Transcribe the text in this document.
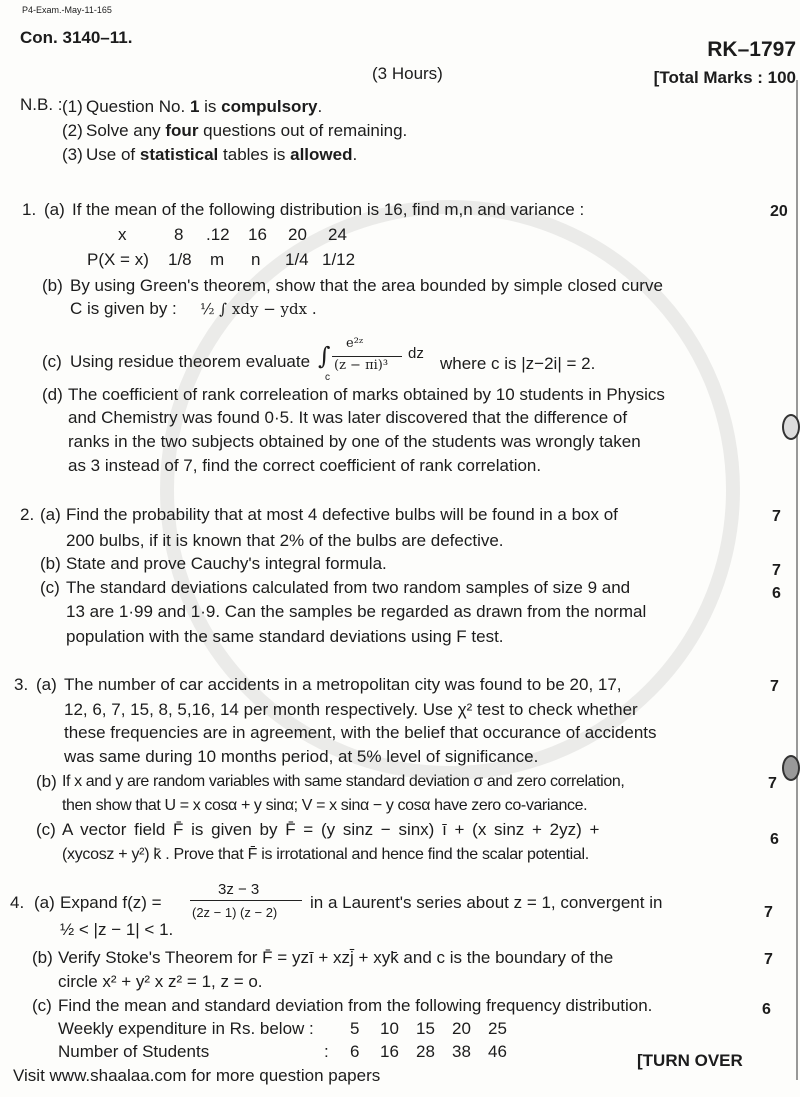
P4-Exam.-May-11-165
Con. 3140–11.
RK–1797
(3 Hours)	[Total Marks : 100
N.B. : (1) Question No. 1 is compulsory.
(2) Solve any four questions out of remaining.
(3) Use of statistical tables is allowed.
1. (a) If the mean of the following distribution is 16, find m,n and variance :	20
x	8 .12 16 20 24
P(X = x) 1/8 m n 1/4 1/12
(b) By using Green's theorem, show that the area bounded by simple closed curve
C is given by : ½ ∫ xdy − ydx .
(c) Using residue theorem evaluate ∫
c
e²ᶻ
(z − πi)³
dz
where c is |z−2i| = 2.
(d) The coefficient of rank correleation of marks obtained by 10 students in Physics
and Chemistry was found 0·5. It was later discovered that the difference of
ranks in the two subjects obtained by one of the students was wrongly taken
as 3 instead of 7, find the correct coefficient of rank correlation.
2. (a) Find the probability that at most 4 defective bulbs will be found in a box of
200 bulbs, if it is known that 2% of the bulbs are defective.
7
(b) State and prove Cauchy's integral formula.	7
(c) The standard deviations calculated from two random samples of size 9 and
13 are 1·99 and 1·9. Can the samples be regarded as drawn from the normal
population with the same standard deviations using F test.
6
3. (a) The number of car accidents in a metropolitan city was found to be 20, 17,
12, 6, 7, 15, 8, 5,16, 14 per month respectively. Use χ² test to check whether
these frequencies are in agreement, with the belief that occurance of accidents
was same during 10 months period, at 5% level of significance.
7
(b) If x and y are random variables with same standard deviation σ and zero correlation,
then show that U = x cosα + y sinα; V = x sinα − y cosα have zero co-variance.
7
(c) A vector field F̄ is given by F̄ = (y sinz − sinx) ī + (x sinz + 2yz) +
(xycosz + y²) k̄ . Prove that F̄ is irrotational and hence find the scalar potential.
6
4. (a) Expand f(z) =
3z − 3
(2z − 1) (z − 2)
in a Laurent's series about z = 1, convergent in
½ < |z − 1| < 1.
7
(b) Verify Stoke's Theorem for F̄ = yzī + xzj̄ + xyk̄ and c is the boundary of the
circle x² + y² x z² = 1, z = o.
7
(c) Find the mean and standard deviation from the following frequency distribution.	6
Weekly expenditure in Rs. below : 5 10 15 20 25
Number of Students	: 6 16 28 38 46	[TURN OVER
Visit www.shaalaa.com for more question papers
